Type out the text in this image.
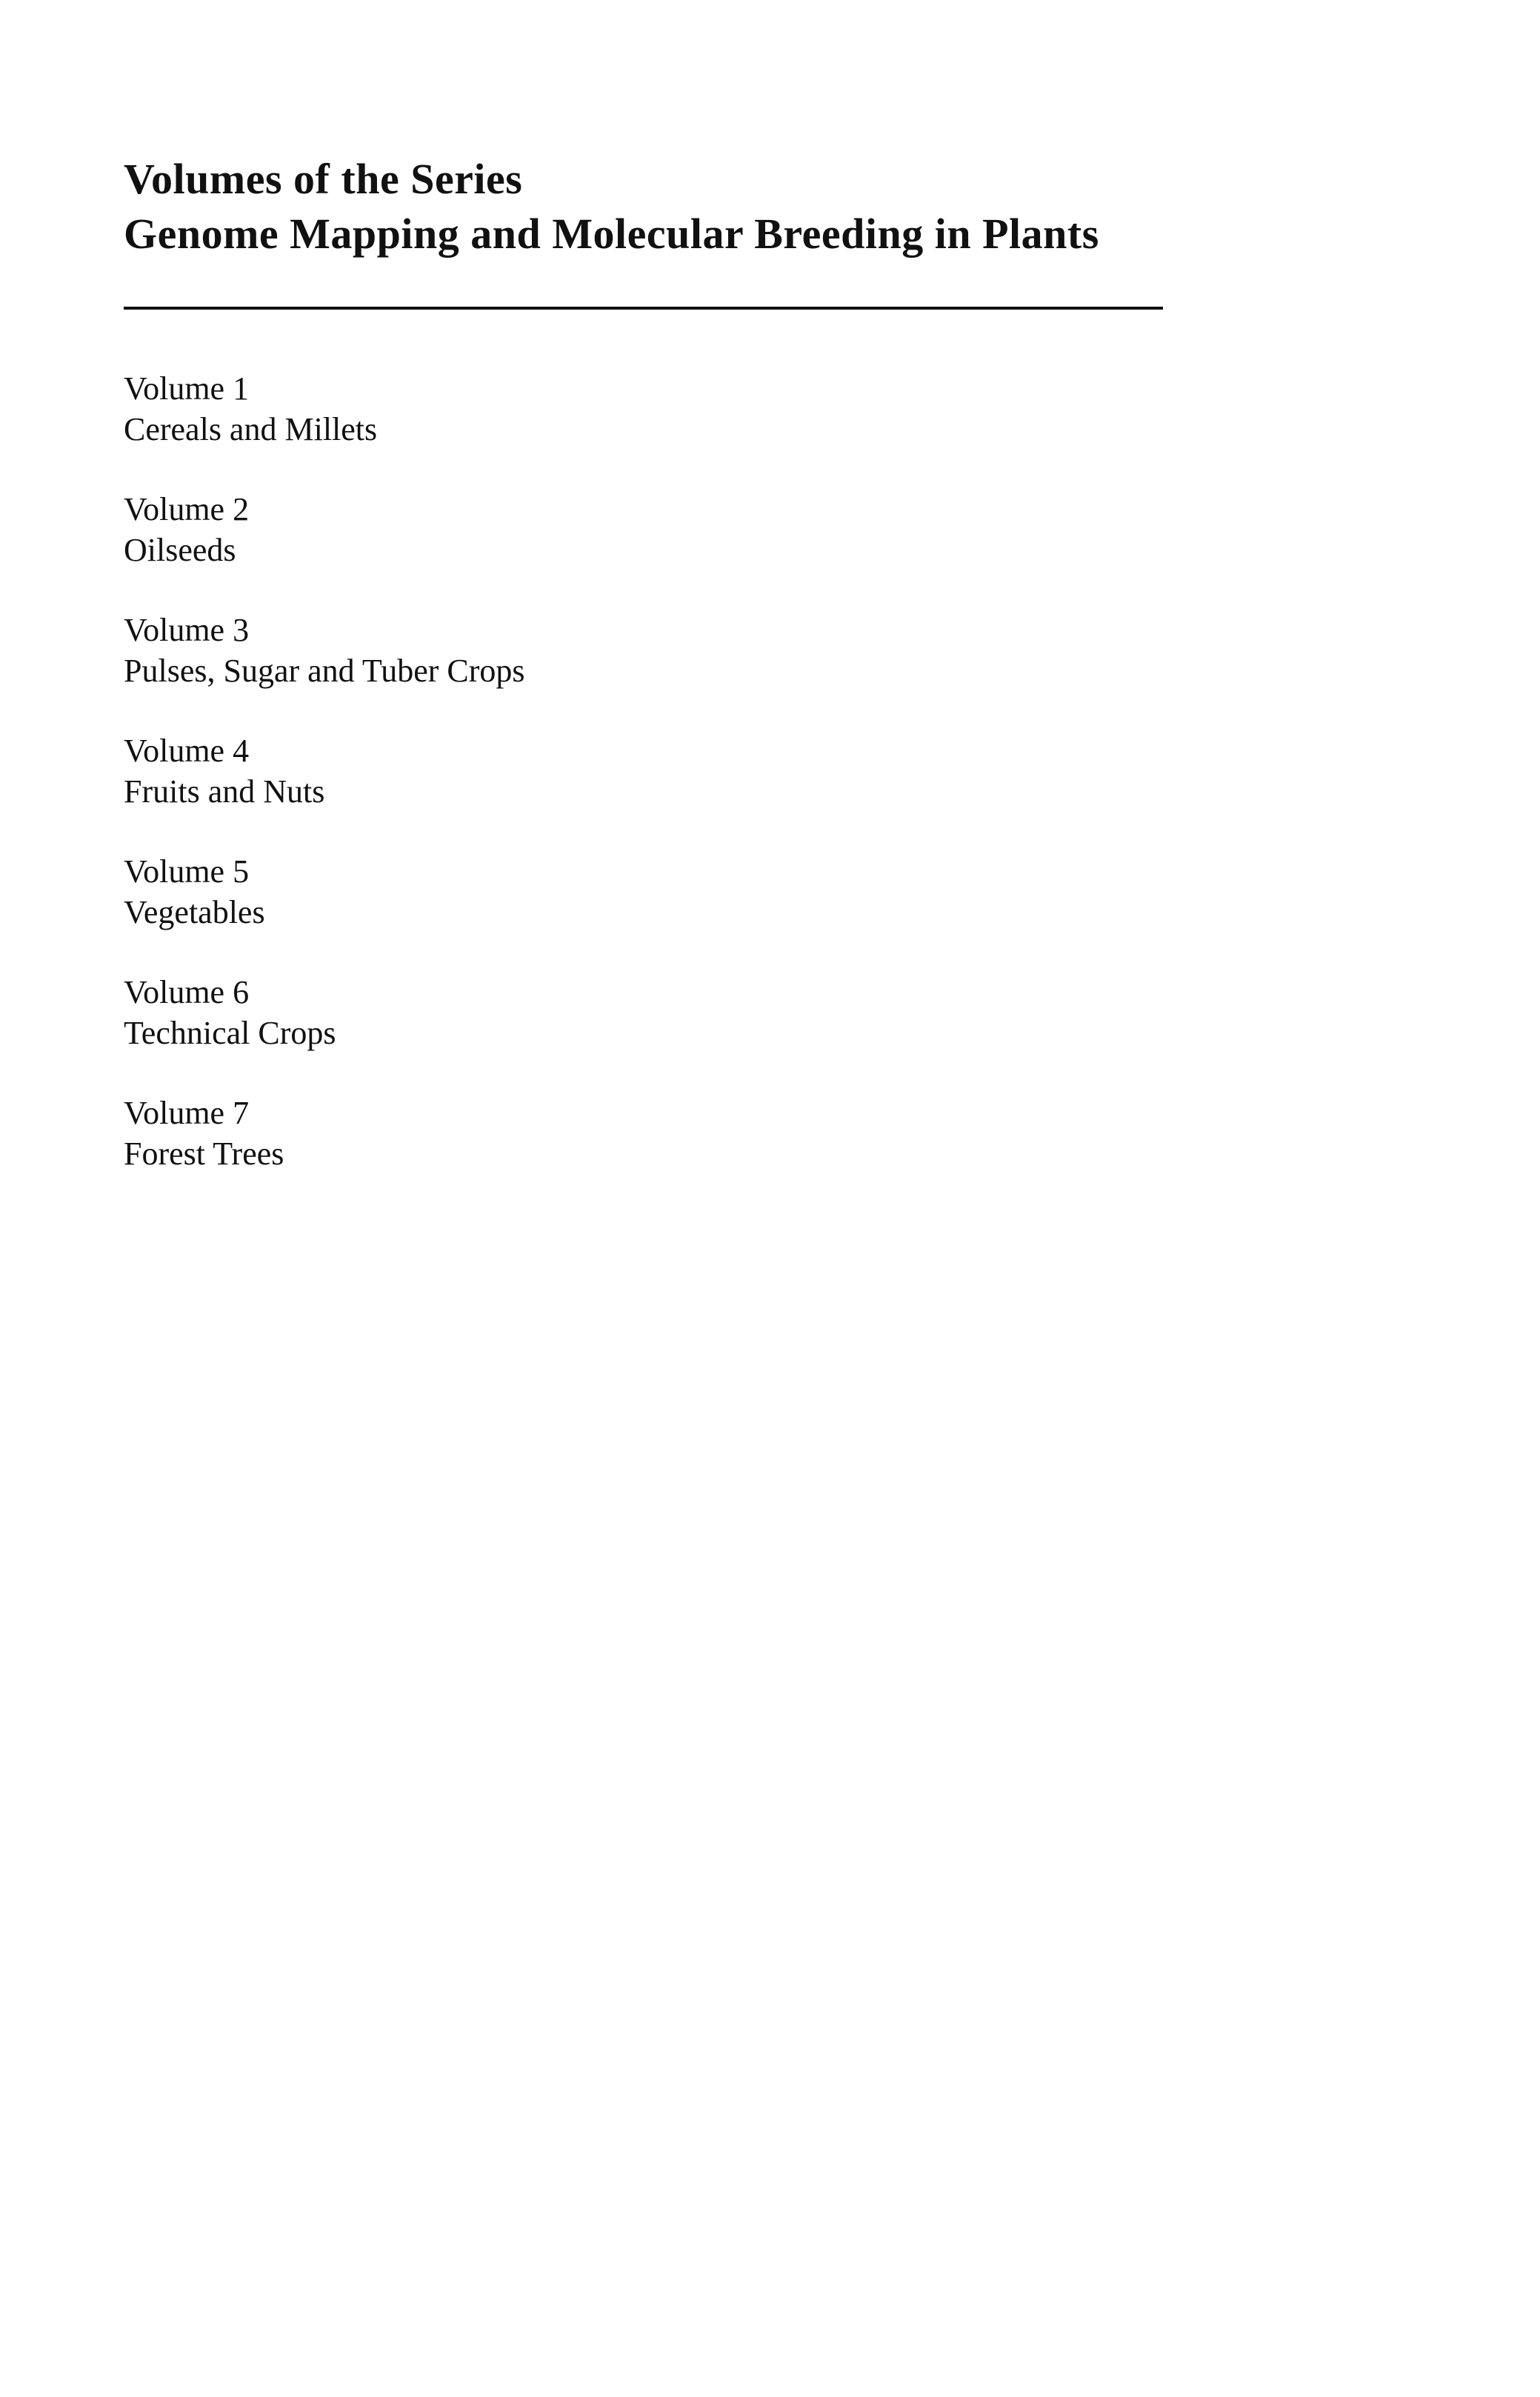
Volumes of the Series
Genome Mapping and Molecular Breeding in Plants
Volume 1
Cereals and Millets
Volume 2
Oilseeds
Volume 3
Pulses, Sugar and Tuber Crops
Volume 4
Fruits and Nuts
Volume 5
Vegetables
Volume 6
Technical Crops
Volume 7
Forest Trees
